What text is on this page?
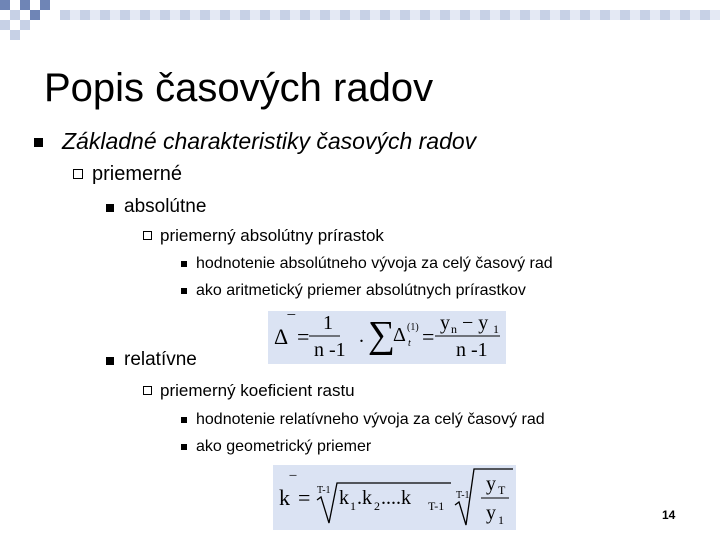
Popis časových radov
Základné charakteristiky časových radov
priemerné
absolútne
priemerný absolútny prírastok
hodnotenie absolútneho vývoja za celý časový rad
ako aritmetický priemer absolútnych prírastkov
Δ ‾ =
1
n -1
. ∑
Δ (1)
t =
y n − y 1
n -1
relatívne
priemerný koeficient rastu
hodnotenie relatívneho vývoja za celý časový rad
ako geometrický priemer
k
‾
= T-1 k 1 .k 2 ....k T-1
T-1
y T
y 1	14
